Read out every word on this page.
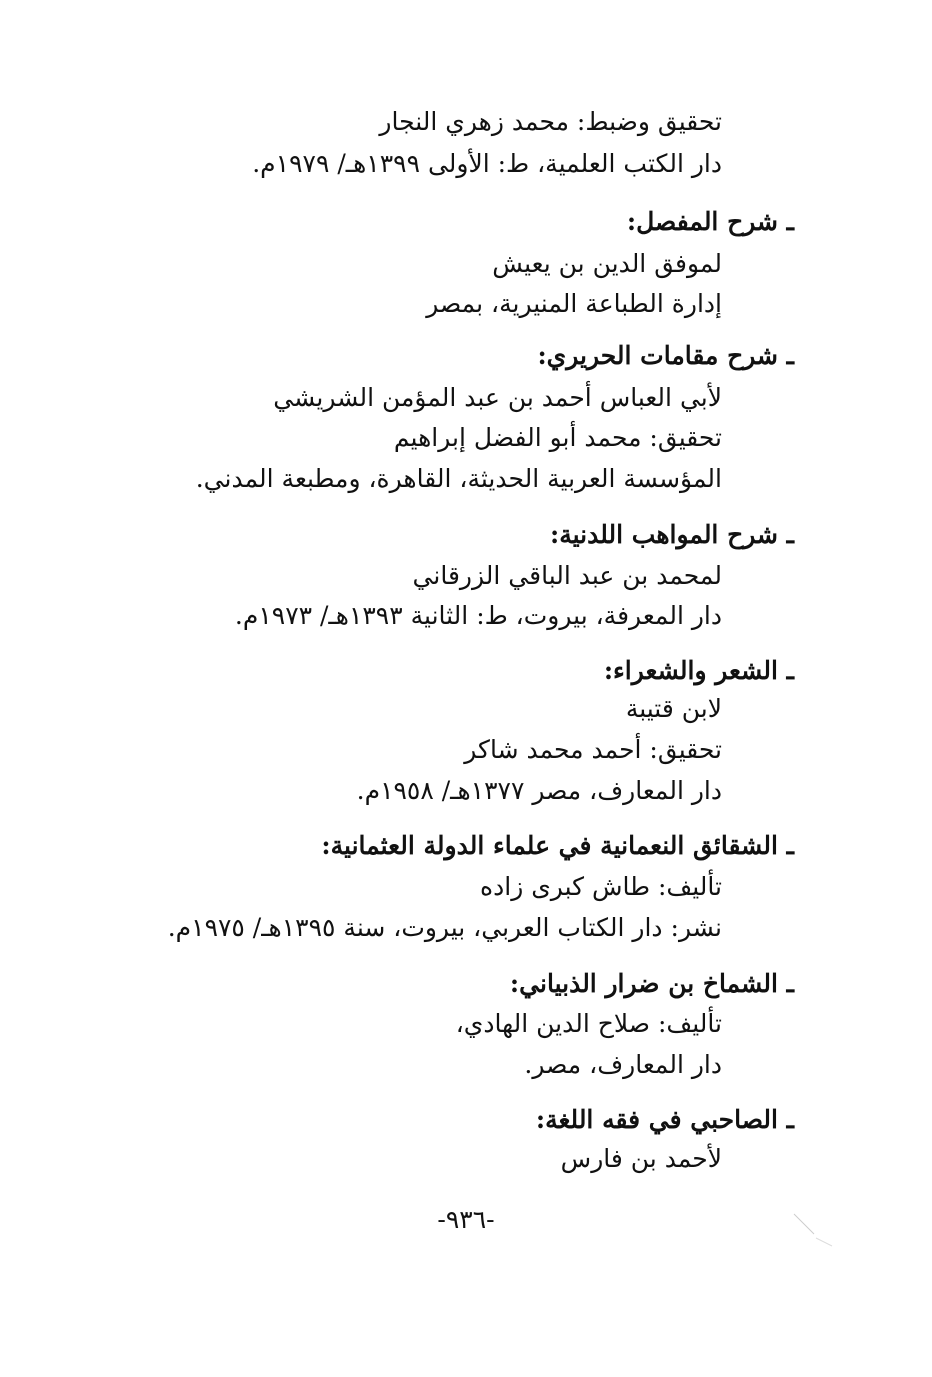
تحقيق وضبط: محمد زهري النجار
دار الكتب العلمية، ط: الأولى ١٣٩٩هـ/ ١٩٧٩م.
ـ شرح المفصل:
لموفق الدين بن يعيش
إدارة الطباعة المنيرية، بمصر
ـ شرح مقامات الحريري:
لأبي العباس أحمد بن عبد المؤمن الشريشي
تحقيق: محمد أبو الفضل إبراهيم
المؤسسة العربية الحديثة، القاهرة، ومطبعة المدني.
ـ شرح المواهب اللدنية:
لمحمد بن عبد الباقي الزرقاني
دار المعرفة، بيروت، ط: الثانية ١٣٩٣هـ/ ١٩٧٣م.
ـ الشعر والشعراء:
لابن قتيبة
تحقيق: أحمد محمد شاكر
دار المعارف، مصر ١٣٧٧هـ/ ١٩٥٨م.
ـ الشقائق النعمانية في علماء الدولة العثمانية:
تأليف: طاش كبرى زاده
نشر: دار الكتاب العربي، بيروت، سنة ١٣٩٥هـ/ ١٩٧٥م.
ـ الشماخ بن ضرار الذبياني:
تأليف: صلاح الدين الهادي،
دار المعارف، مصر.
ـ الصاحبي في فقه اللغة:
لأحمد بن فارس
-٩٣٦-
